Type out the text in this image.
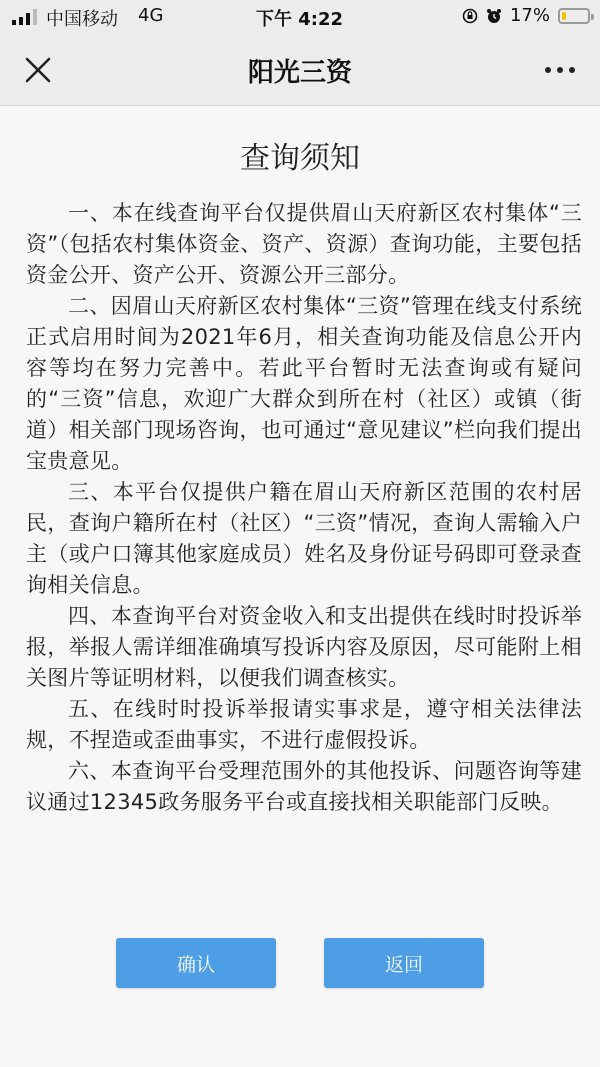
中国移动 4G	下午 4:22	17%
阳光三资
查询须知

一、本在线查询平台仅提供眉山天府新区农村集体“三资”（包括农村集体资金、资产、资源）查询功能，主要包括资金公开、资产公开、资源公开三部分。

二、因眉山天府新区农村集体“三资”管理在线支付系统正式启用时间为2021年6月，相关查询功能及信息公开内容等均在努力完善中。若此平台暂时无法查询或有疑问的“三资”信息，欢迎广大群众到所在村（社区）或镇（街道）相关部门现场咨询，也可通过“意见建议”栏向我们提出宝贵意见。

三、本平台仅提供户籍在眉山天府新区范围的农村居民，查询户籍所在村（社区）“三资”情况，查询人需输入户主（或户口簿其他家庭成员）姓名及身份证号码即可登录查询相关信息。

四、本查询平台对资金收入和支出提供在线时时投诉举报，举报人需详细准确填写投诉内容及原因，尽可能附上相关图片等证明材料，以便我们调查核实。

五、在线时时投诉举报请实事求是，遵守相关法律法规，不捏造或歪曲事实，不进行虚假投诉。

六、本查询平台受理范围外的其他投诉、问题咨询等建议通过12345政务服务平台或直接找相关职能部门反映。

确认	返回
